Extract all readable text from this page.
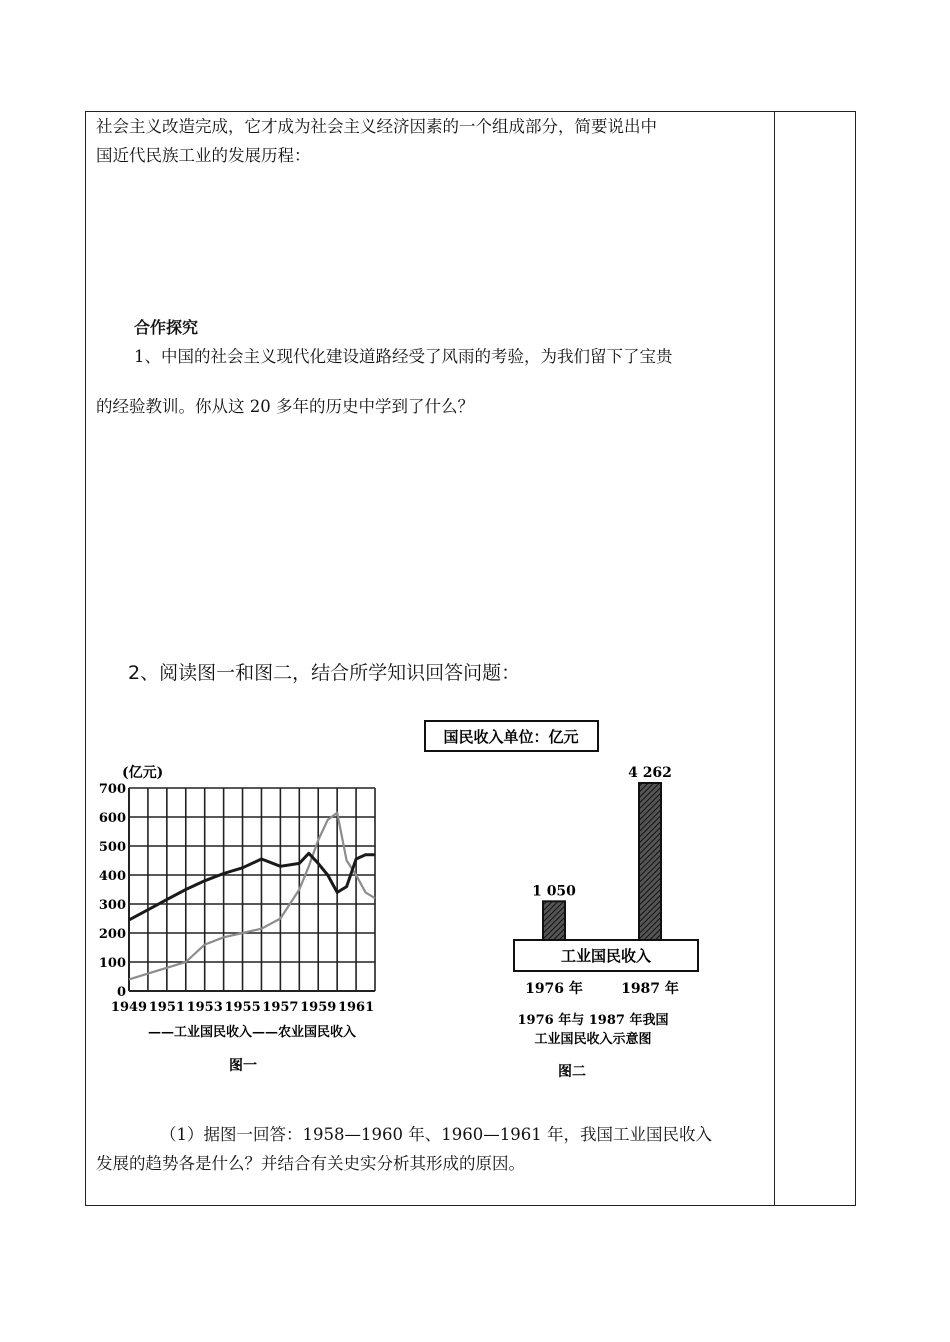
社会主义改造完成，它才成为社会主义经济因素的一个组成部分，简要说出中
国近代民族工业的发展历程：
合作探究
1、中国的社会主义现代化建设道路经受了风雨的考验，为我们留下了宝贵
的经验教训。你从这 20 多年的历史中学到了什么？
2、阅读图一和图二，结合所学知识回答问题：
（1）据图一回答：1958—1960 年、1960—1961 年，我国工业国民收入
发展的趋势各是什么？并结合有关史实分析其形成的原因。
(亿元)
0
100
200
300
400
500
600
700
1949 1951 1953 1955 1957 1959 1961
——工业国民收入——农业国民收入
图一
国民收入单位：亿元
1 050
1976 年
4 262
1987 年
工业国民收入
1976 年与 1987 年我国
工业国民收入示意图
图二
